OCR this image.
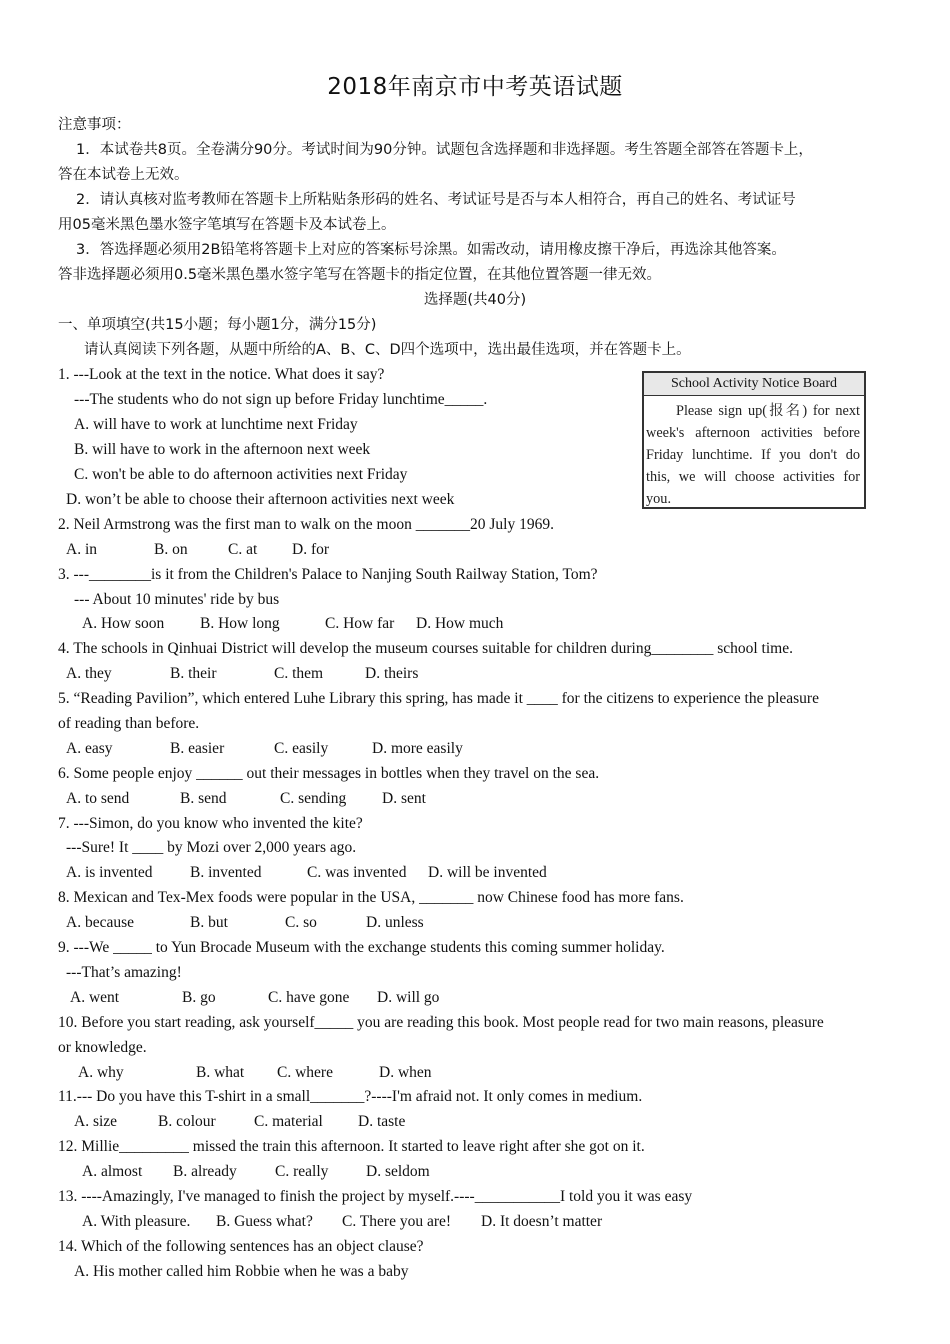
2018年南京市中考英语试题
注意事项：
1．本试卷共8页。全卷满分90分。考试时间为90分钟。试题包含选择题和非选择题。考生答题全部答在答题卡上，
答在本试卷上无效。
2．请认真核对监考教师在答题卡上所粘贴条形码的姓名、考试证号是否与本人相符合，再自己的姓名、考试证号
用05毫米黑色墨水签字笔填写在答题卡及本试卷上。
3．答选择题必须用2B铅笔将答题卡上对应的答案标号涂黑。如需改动，请用橡皮擦干净后，再选涂其他答案。
答非选择题必须用0.5毫米黑色墨水签字笔写在答题卡的指定位置，在其他位置答题一律无效。
选择题(共40分)
一、单项填空(共15小题；每小题1分，满分15分)
请认真阅读下列各题，从题中所给的A、B、C、D四个选项中，选出最佳选项，并在答题卡上。
School Activity Notice Board
Please sign up(报名) for next week's afternoon activities before Friday lunchtime. If you don't do this, we will choose activities for you.
1. ---Look at the text in the notice. What does it say?
---The students who do not sign up before Friday lunchtime_____.
A. will have to work at lunchtime next Friday
B. will have to work in the afternoon next week
C. won't be able to do afternoon activities next Friday
D. won’t be able to choose their afternoon activities next week
2. Neil Armstrong was the first man to walk on the moon _______20 July 1969.
A. in	B. on	C. at D. for
3. ---________is it from the Children's Palace to Nanjing South Railway Station, Tom?
--- About 10 minutes' ride by bus
A. How soon B. How long	C. How far D. How much
4. The schools in Qinhuai District will develop the museum courses suitable for children during________ school time.
A. they	B. their	C. them	D. theirs
5. “Reading Pavilion”, which entered Luhe Library this spring, has made it ____ for the citizens to experience the pleasure
of reading than before.
A. easy	B. easier	C. easily	D. more easily
6. Some people enjoy ______ out their messages in bottles when they travel on the sea.
A. to send	B. send	C. sending D. sent
7. ---Simon, do you know who invented the kite?
---Sure! It ____ by Mozi over 2,000 years ago.
A. is invented B. invented	C. was invented D. will be invented
8. Mexican and Tex-Mex foods were popular in the USA, _______ now Chinese food has more fans.
A. because	B. but	C. so	D. unless
9. ---We _____ to Yun Brocade Museum with the exchange students this coming summer holiday.
---That’s amazing!
A. went	B. go	C. have gone D. will go
10. Before you start reading, ask yourself_____ you are reading this book. Most people read for two main reasons, pleasure
or knowledge.
A. why	B. what C. where	D. when
11.--- Do you have this T-shirt in a small_______?----I'm afraid not. It only comes in medium.
A. size	B. colour C. material D. taste
12. Millie_________ missed the train this afternoon. It started to leave right after she got on it.
A. almost B. already C. really D. seldom
13. ----Amazingly, I've managed to finish the project by myself.----___________I told you it was easy
A. With pleasure. B. Guess what? C. There you are! D. It doesn’t matter
14. Which of the following sentences has an object clause?
A. His mother called him Robbie when he was a baby
